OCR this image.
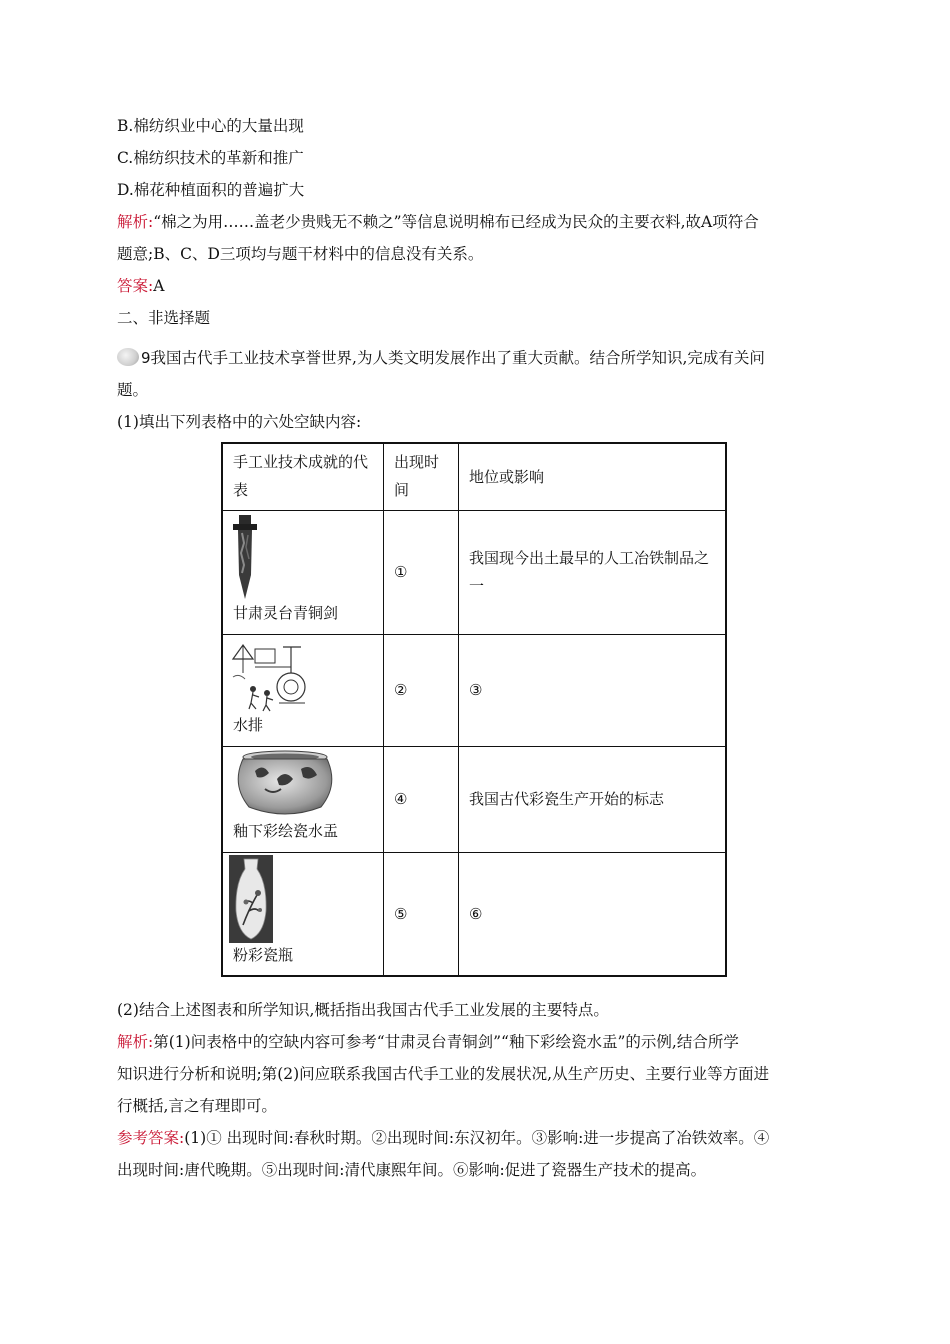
B.棉纺织业中心的大量出现
C.棉纺织技术的革新和推广
D.棉花种植面积的普遍扩大
解析:“棉之为用……盖老少贵贱无不赖之”等信息说明棉布已经成为民众的主要衣料,故A项符合
题意;B、C、D三项均与题干材料中的信息没有关系。
答案:A
二、非选择题
9我国古代手工业技术享誉世界,为人类文明发展作出了重大贡献。结合所学知识,完成有关问
题。
(1)填出下列表格中的六处空缺内容:
手工业技术成就的代表	出现时间	地位或影响

甘肃灵台青铜剑	①	我国现今出土最早的人工冶铁制品之一

水排	②	③

釉下彩绘瓷水盂	④	我国古代彩瓷生产开始的标志

粉彩瓷瓶	⑤	⑥
(2)结合上述图表和所学知识,概括指出我国古代手工业发展的主要特点。
解析:第(1)问表格中的空缺内容可参考“甘肃灵台青铜剑”“釉下彩绘瓷水盂”的示例,结合所学
知识进行分析和说明;第(2)问应联系我国古代手工业的发展状况,从生产历史、主要行业等方面进
行概括,言之有理即可。
参考答案:(1)① 出现时间:春秋时期。②出现时间:东汉初年。③影响:进一步提高了冶铁效率。④
出现时间:唐代晚期。⑤出现时间:清代康熙年间。⑥影响:促进了瓷器生产技术的提高。
